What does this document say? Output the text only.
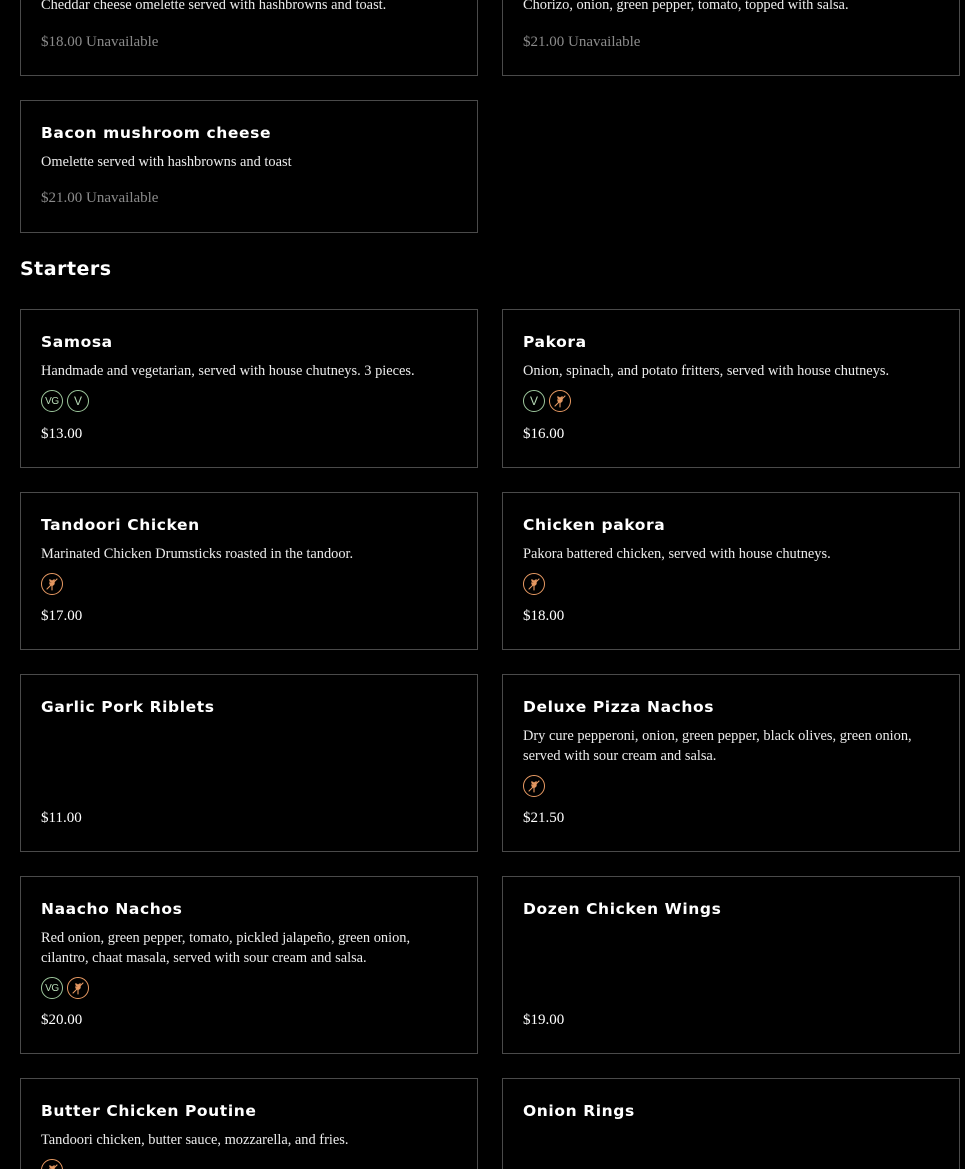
Cheddar cheese omelette served with hashbrowns and toast.
$18.00 Unavailable
Chorizo, onion, green pepper, tomato, topped with salsa.
$21.00 Unavailable
Bacon mushroom cheese
Omelette served with hashbrowns and toast
$21.00 Unavailable
Starters
Samosa
Handmade and vegetarian, served with house chutneys. 3 pieces.
VG	V
$13.00
Pakora
Onion, spinach, and potato fritters, served with house chutneys.
V
$16.00
Tandoori Chicken
Marinated Chicken Drumsticks roasted in the tandoor.
$17.00
Chicken pakora
Pakora battered chicken, served with house chutneys.
$18.00
Garlic Pork Riblets
$11.00
Deluxe Pizza Nachos
Dry cure pepperoni, onion, green pepper, black olives, green onion, served with sour cream and salsa.
$21.50
Naacho Nachos
Red onion, green pepper, tomato, pickled jalapeño, green onion, cilantro, chaat masala, served with sour cream and salsa.
VG
$20.00
Dozen Chicken Wings
$19.00
Butter Chicken Poutine
Tandoori chicken, butter sauce, mozzarella, and fries.
Onion Rings
